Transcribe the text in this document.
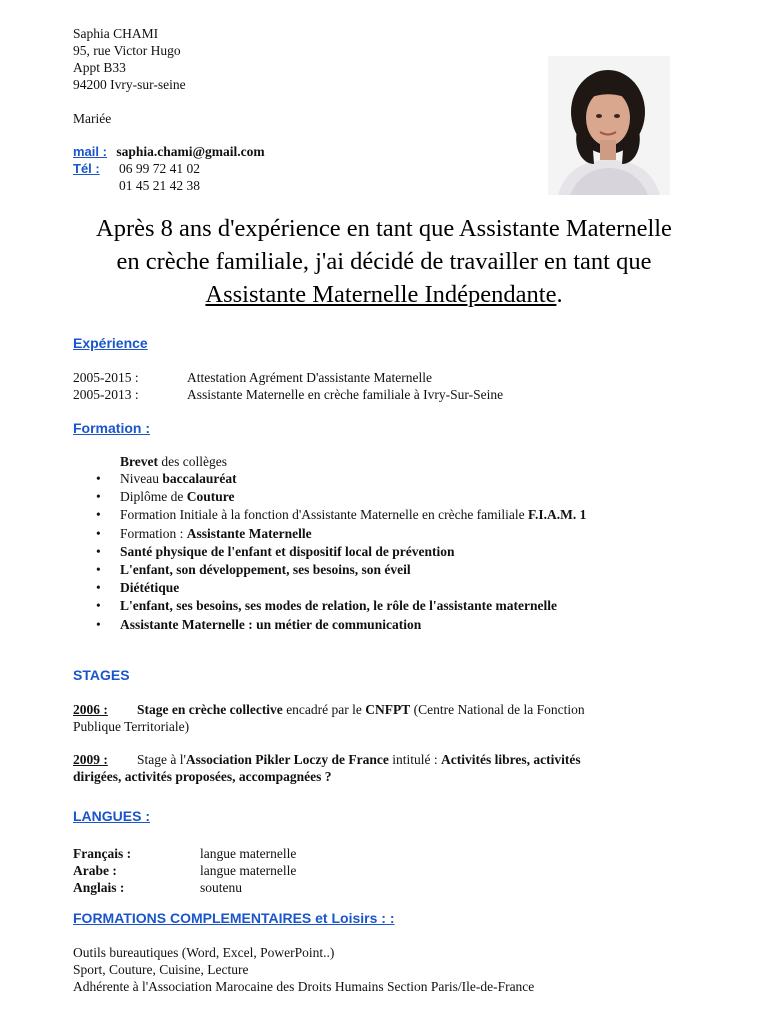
Saphia CHAMI
95, rue Victor Hugo
Appt B33
94200 Ivry-sur-seine
Mariée
mail : saphia.chami@gmail.com
Tél : 06 99 72 41 02
01 45 21 42 38
Après 8 ans d'expérience en tant que Assistante Maternelle
en crèche familiale, j'ai décidé de travailler en tant que
Assistante Maternelle Indépendante.
Expérience
2005-2015 :	Attestation Agrément D'assistante Maternelle
2005-2013 :	Assistante Maternelle en crèche familiale à Ivry-Sur-Seine
Formation :
Brevet des collèges
• Niveau baccalauréat
• Diplôme de Couture
• Formation Initiale à la fonction d'Assistante Maternelle en crèche familiale F.I.A.M. 1
• Formation : Assistante Maternelle
• Santé physique de l'enfant et dispositif local de prévention
• L'enfant, son développement, ses besoins, son éveil
• Diététique
• L'enfant, ses besoins, ses modes de relation, le rôle de l'assistante maternelle
• Assistante Maternelle : un métier de communication
STAGES
2006 : Stage en crèche collective encadré par le CNFPT (Centre National de la Fonction
Publique Territoriale)
2009 : Stage à l'Association Pikler Loczy de France intitulé : Activités libres, activités
dirigées, activités proposées, accompagnées ?
LANGUES :
Français :	langue maternelle
Arabe :	langue maternelle
Anglais :	soutenu
FORMATIONS COMPLEMENTAIRES et Loisirs : :
Outils bureautiques (Word, Excel, PowerPoint..)
Sport, Couture, Cuisine, Lecture
Adhérente à l'Association Marocaine des Droits Humains Section Paris/Ile-de-France
